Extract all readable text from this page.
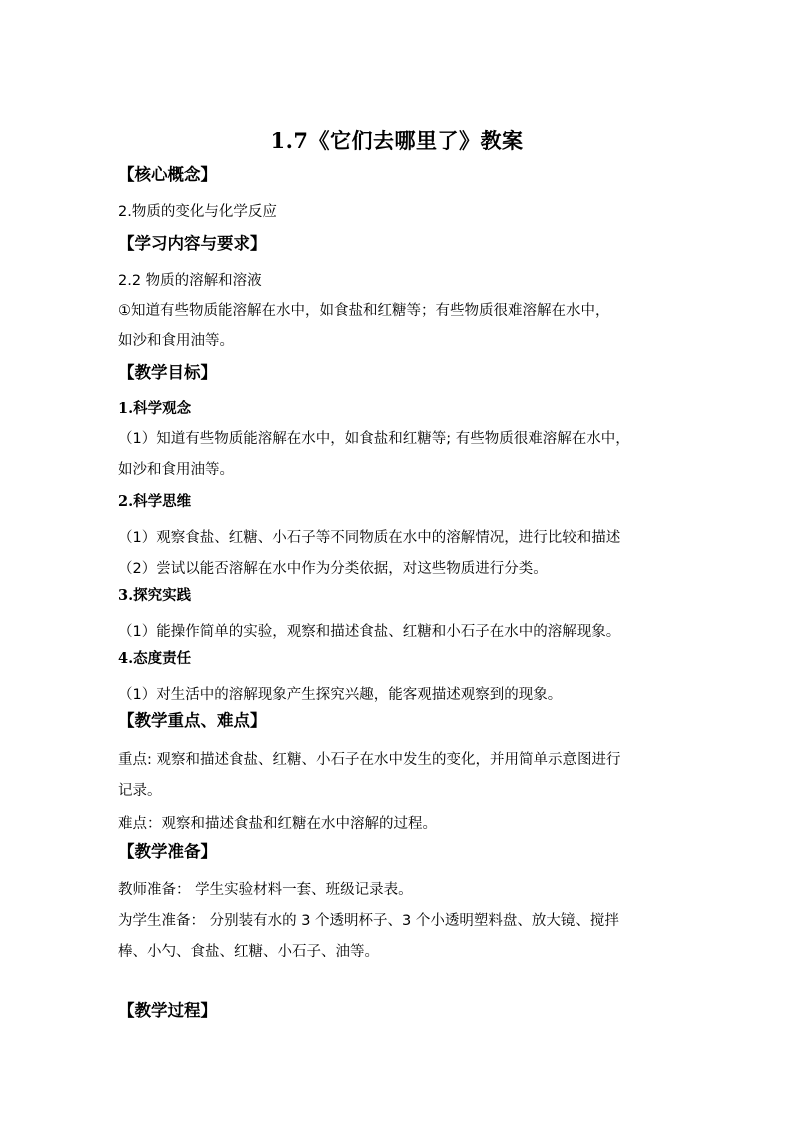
1.7《它们去哪里了》教案
【核心概念】
2.物质的变化与化学反应
【学习内容与要求】
2.2 物质的溶解和溶液
①知道有些物质能溶解在水中，如食盐和红糖等；有些物质很难溶解在水中，
如沙和食用油等。
【教学目标】
1.科学观念
（1）知道有些物质能溶解在水中，如食盐和红糖等; 有些物质很难溶解在水中，
如沙和食用油等。
2.科学思维
（1）观察食盐、红糖、小石子等不同物质在水中的溶解情况，进行比较和描述
（2）尝试以能否溶解在水中作为分类依据，对这些物质进行分类。
3.探究实践
（1）能操作简单的实验，观察和描述食盐、红糖和小石子在水中的溶解现象。
4.态度责任
（1）对生活中的溶解现象产生探究兴趣，能客观描述观察到的现象。
【教学重点、难点】
重点: 观察和描述食盐、红糖、小石子在水中发生的变化，并用简单示意图进行
记录。
难点：观察和描述食盐和红糖在水中溶解的过程。
【教学准备】
教师准备： 学生实验材料一套、班级记录表。
为学生准备： 分别装有水的 3 个透明杯子、3 个小透明塑料盘、放大镜、搅拌
棒、小勺、食盐、红糖、小石子、油等。
【教学过程】
